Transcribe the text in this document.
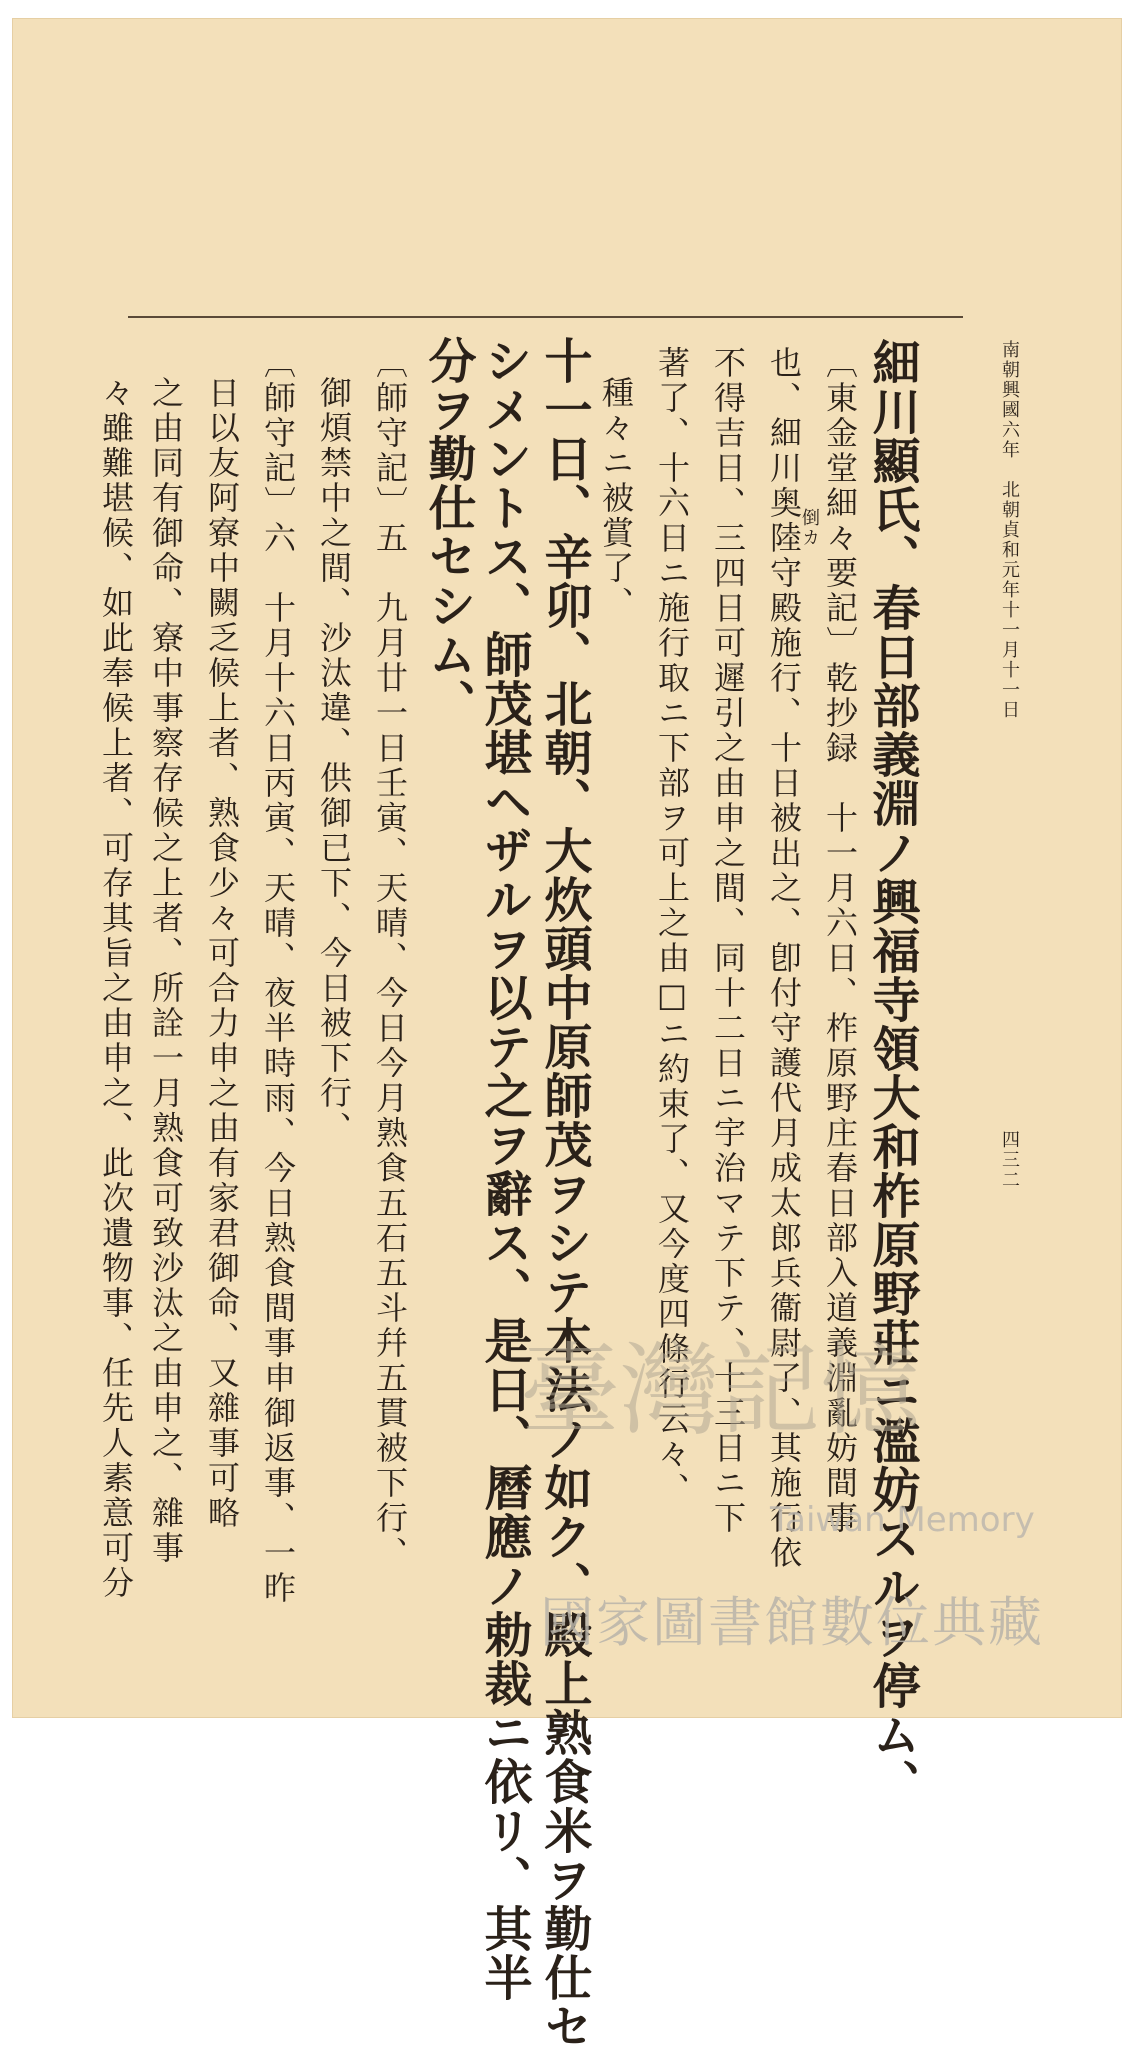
南朝興國六年　北朝貞和元年十一月十一日
四三二
細川顯氏、春日部義淵ノ興福寺領大和柞原野莊ニ濫妨スルヲ停ム、
〔東金堂細々要記〕乾抄録　十一月六日、柞原野庄春日部入道義淵亂妨間事
倒カ
也、細川奥陸守殿施行、十日被出之、卽付守護代月成太郎兵衞尉了、其施行依
不得吉日、三四日可遲引之由申之間、同十二日ニ宇治マテ下テ、十三日ニ下
著了、十六日ニ施行取ニ下部ヲ可上之由□ニ約束了、又今度四條行云々、
種々ニ被賞了、
十一日、辛卯、北朝、大炊頭中原師茂ヲシテ本法ノ如ク、殿上熟食米ヲ勤仕セ
シメントス、師茂堪ヘザルヲ以テ之ヲ辭ス、是日、曆應ノ勅裁ニ依リ、其半
分ヲ勤仕セシム、
〔師守記〕五　九月廿一日壬寅、天晴、今日今月熟食五石五斗幷五貫被下行、
御煩禁中之間、沙汰違、供御已下、今日被下行、
〔師守記〕六　十月十六日丙寅、天晴、夜半時雨、今日熟食間事申御返事、一昨
日以友阿寮中闕乏候上者、熟食少々可合力申之由有家君御命、又雜事可略
之由同有御命、寮中事察存候之上者、所詮一月熟食可致沙汰之由申之、雜事
々雖難堪候、如此奉候上者、可存其旨之由申之、此次遺物事、任先人素意可分	臺灣記憶
Taiwan Memory
國家圖書館數位典藏
